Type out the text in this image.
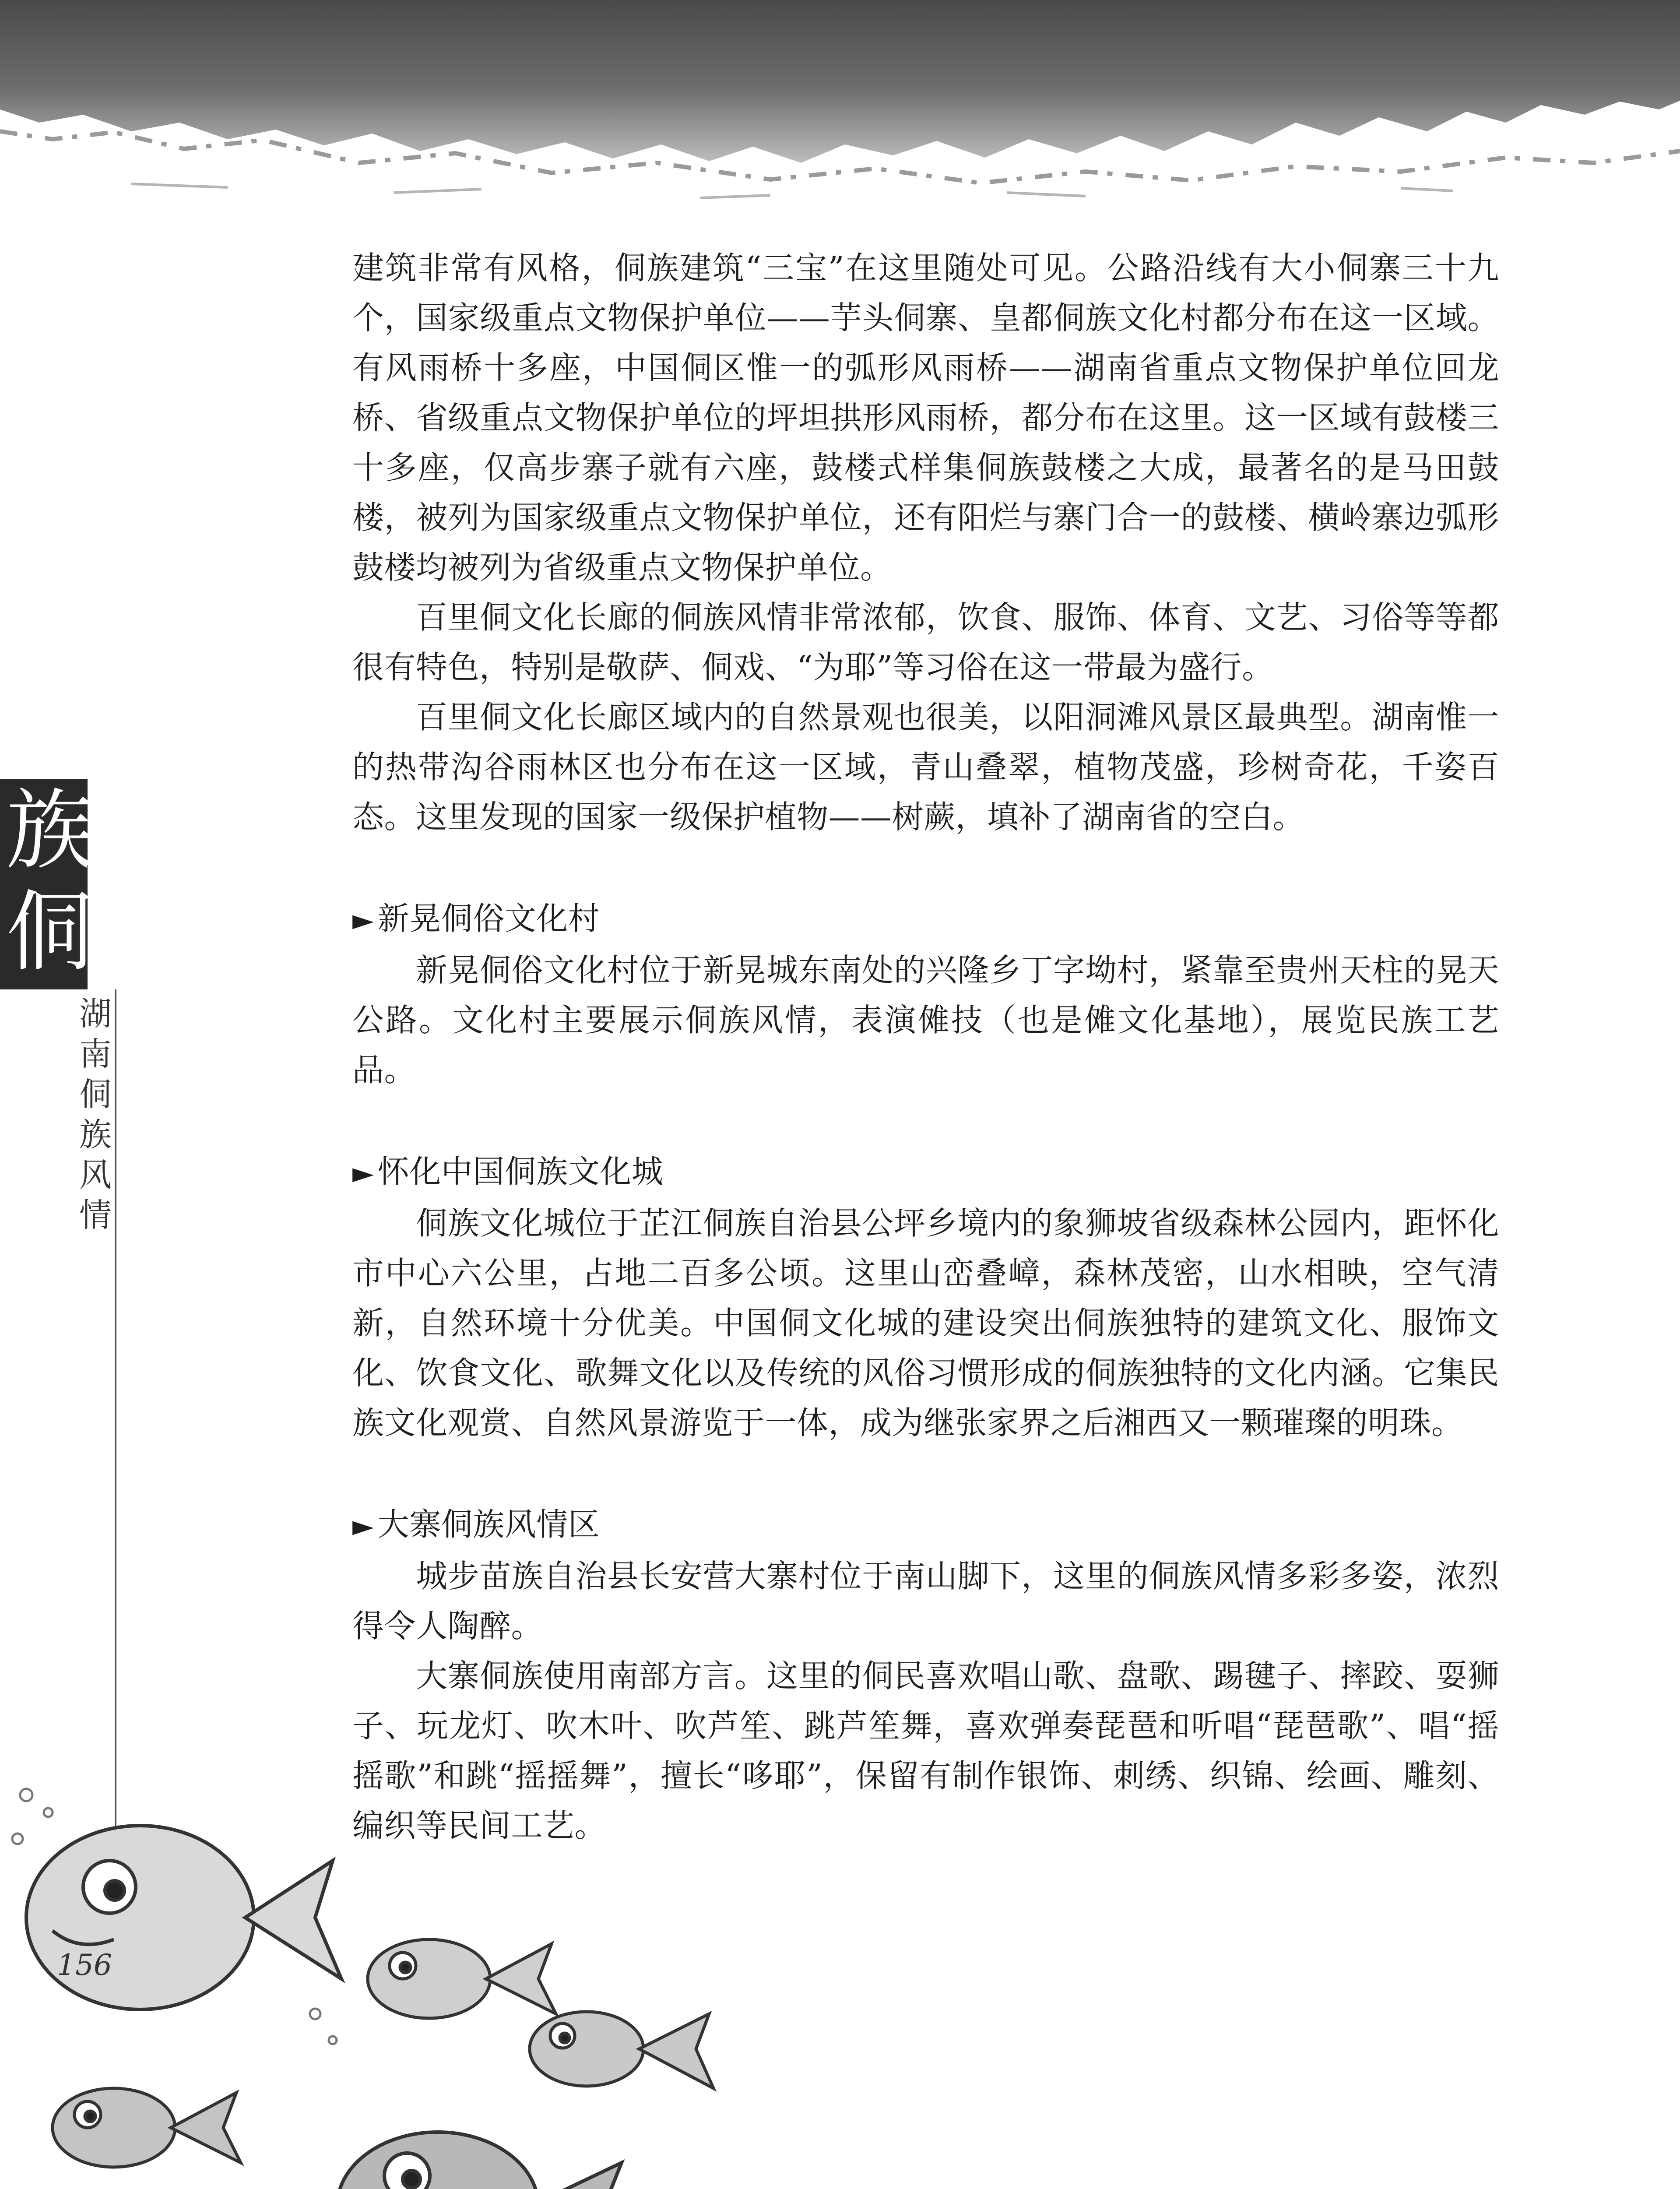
族
侗
湖
南
侗
族
风
情

建筑非常有风格，侗族建筑“三宝”在这里随处可见。公路沿线有大小侗寨三十九个，国家级重点文物保护单位——芋头侗寨、皇都侗族文化村都分布在这一区域。有风雨桥十多座，中国侗区惟一的弧形风雨桥——湖南省重点文物保护单位回龙桥、省级重点文物保护单位的坪坦拱形风雨桥，都分布在这里。这一区域有鼓楼三十多座，仅高步寨子就有六座，鼓楼式样集侗族鼓楼之大成，最著名的是马田鼓楼，被列为国家级重点文物保护单位，还有阳烂与寨门合一的鼓楼、横岭寨边弧形鼓楼均被列为省级重点文物保护单位。

百里侗文化长廊的侗族风情非常浓郁，饮食、服饰、体育、文艺、习俗等等都很有特色，特别是敬萨、侗戏、“为耶”等习俗在这一带最为盛行。

百里侗文化长廊区域内的自然景观也很美，以阳洞滩风景区最典型。湖南惟一的热带沟谷雨林区也分布在这一区域，青山叠翠，植物茂盛，珍树奇花，千姿百态。这里发现的国家一级保护植物——树蕨，填补了湖南省的空白。

► 新晃侗俗文化村

新晃侗俗文化村位于新晃城东南处的兴隆乡丁字坳村，紧靠至贵州天柱的晃天公路。文化村主要展示侗族风情，表演傩技（也是傩文化基地），展览民族工艺品。

► 怀化中国侗族文化城

侗族文化城位于芷江侗族自治县公坪乡境内的象狮坡省级森林公园内，距怀化市中心六公里，占地二百多公顷。这里山峦叠嶂，森林茂密，山水相映，空气清新，自然环境十分优美。中国侗文化城的建设突出侗族独特的建筑文化、服饰文化、饮食文化、歌舞文化以及传统的风俗习惯形成的侗族独特的文化内涵。它集民族文化观赏、自然风景游览于一体，成为继张家界之后湘西又一颗璀璨的明珠。

► 大寨侗族风情区

城步苗族自治县长安营大寨村位于南山脚下，这里的侗族风情多彩多姿，浓烈得令人陶醉。

大寨侗族使用南部方言。这里的侗民喜欢唱山歌、盘歌、踢毽子、摔跤、耍狮子、玩龙灯、吹木叶、吹芦笙、跳芦笙舞，喜欢弹奏琵琶和听唱“琵琶歌”、唱“摇摇歌”和跳“摇摇舞”，擅长“哆耶”，保留有制作银饰、刺绣、织锦、绘画、雕刻、编织等民间工艺。

156
